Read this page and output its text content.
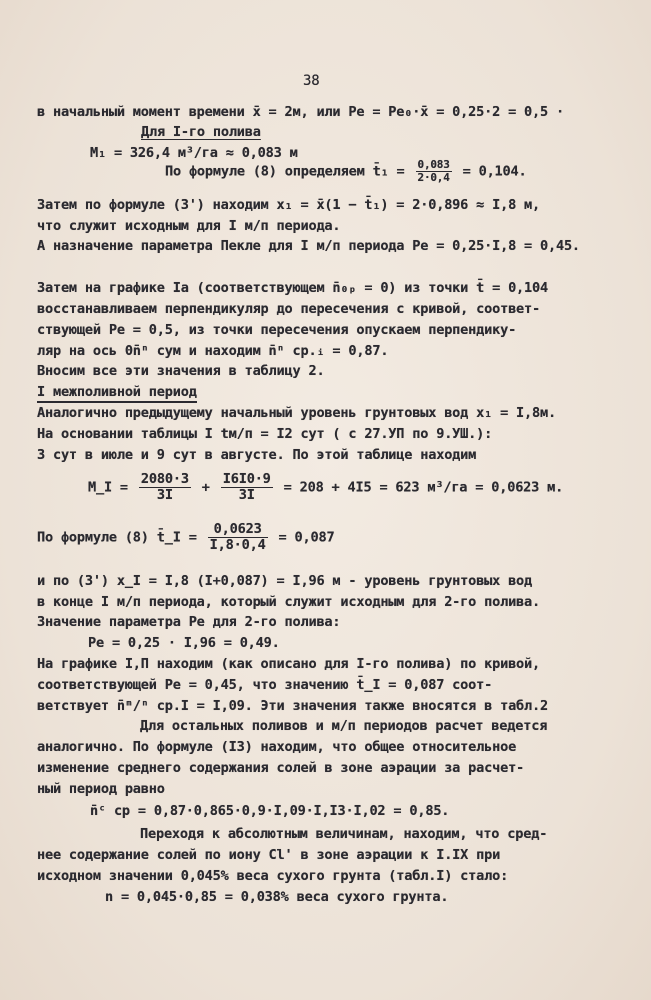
38
в начальный момент времени x̄ = 2м, или Pe = Pe₀·x̄ = 0,25·2 = 0,5 ·
Для I-го полива
M₁ = 326,4 м³/га ≈ 0,083 м
По формуле (8) определяем t̄₁ = $\frac{0,083}{2\cdot 0,4} = 0,104$.
Затем по формуле (3') находим x₁ = x̄(1 − t̄₁) = 2·0,896 ≈ I,8 м,
что служит исходным для I м/п периода.
А назначение параметра Пекле для I м/п периода Pe = 0,25·I,8 = 0,45.
Затем на графике Iа (соответствующем n̄₀ₚ = 0) из точки t̄ = 0,104
восстанавливаем перпендикуляр до пересечения с кривой, соответ-
ствующей Pe = 0,5, из точки пересечения опускаем перпендику-
ляр на ось 0n̄ⁿ сум и находим n̄ⁿ ср.ᵢ = 0,87.
Вносим все эти значения в таблицу 2.
I межполивной период
Аналогично предыдущему начальный уровень грунтовых вод x₁ = I,8м.
На основании таблицы I tм/п = I2 сут ( с 27.УП по 9.УШ.):
3 сут в июле и 9 сут в августе. По этой таблице находим
M_I = $\frac{2080\cdot 3}{3I} + \frac{I6I0\cdot 9}{3I} = 208 + 4I5 = 623$ м³/га = 0,0623 м.
По формуле (8) t̄_I = $\frac{0,0623}{I,8\cdot 0,4} = 0,087$
и по (3') x_I = I,8 (I+0,087) = I,96 м - уровень грунтовых вод
в конце I м/п периода, который служит исходным для 2-го полива.
Значение параметра Pe для 2-го полива:
Pe = 0,25 · I,96 = 0,49.
На графике I,П находим (как описано для I-го полива) по кривой,
соответствующей Pe = 0,45, что значению t̄_I = 0,087 соот-
ветствует n̄ᵐ/ⁿ ср.I = I,09. Эти значения также вносятся в табл.2
Для остальных поливов и м/п периодов расчет ведется
аналогично. По формуле (I3) находим, что общее относительное
изменение среднего содержания солей в зоне аэрации за расчет-
ный период равно
n̄ᶜ ср = 0,87·0,865·0,9·I,09·I,I3·I,02 = 0,85.
Переходя к абсолютным величинам, находим, что сред-
нее содержание солей по иону Cl' в зоне аэрации к I.IX при
исходном значении 0,045% веса сухого грунта (табл.I) стало:
n = 0,045·0,85 = 0,038% веса сухого грунта.
